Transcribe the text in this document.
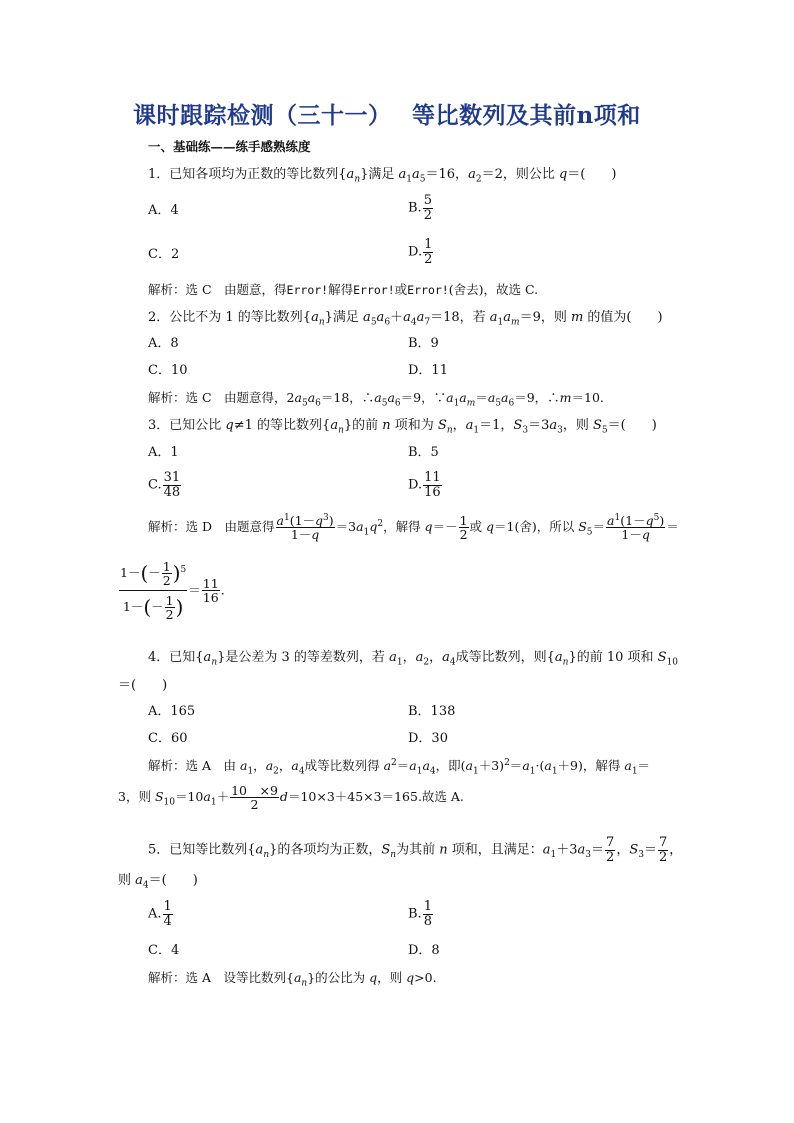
课时跟踪检测（三十一）　 等比数列及其前n项和
一、基础练——练手感熟练度
1．已知各项均为正数的等比数列$\{a_n\}$满足 $a_1a_5=16$，$a_2=2$，则公比 q＝(　　)
A．4	B. $\frac{5}{2}$
C．2	D. $\frac{1}{2}$
解析：选 C　由题意，得Error!解得Error!或Error!(舍去)，故选 C.
2．公比不为 1 的等比数列$\{a_n\}$满足 $a_5a_6+a_4a_7=18$，若 $a_1a_m=9$，则 m 的值为(　　)
A．8	B．9
C．10	D．11
解析：选 C　由题意得，$2a_5a_6=18$，$\therefore a_5a_6=9$，$\because a_1a_m=a_5a_6=9$，∴m＝10.
3．已知公比 q≠1 的等比数列$\{a_n\}$的前 n 项和为 $S_n$，$a_1=1$，$S_3=3a_3$，则 $S_5=$(　　)
A．1	B．5
C. $\frac{31}{48}$	D. $\frac{11}{16}$
解析：选 D　由题意得 $\frac{a^1(1-q^3)}{1-q} =3a_1q^2$，解得 $q=- \frac{1}{2}$ 或 q＝1(舍)，所以 $S_5= \frac{a^1(1-q^5)}{1-q}$ ＝
$\frac{1-(- \frac{1}{2} )^5}{1-(- \frac{1}{2} )} = \frac{11}{16}$ .
4．已知$\{a_n\}$是公差为 3 的等差数列，若 $a_1$，$a_2$，$a_4$成等比数列，则$\{a_n\}$的前 10 项和 $S_{10}$
＝(　　)
A．165	B．138
C．60	D．30
解析：选 A　由 $a_1$，$a_2$，$a_4$成等比数列得 $a^2=a_1a_4$，即$(a_1+3)^2=a_1\cdot(a_1+9)$，解得 $a_1=$
3，则 $S_{10}=10a_1+ \frac{10 \times 9}{2} d=10\times 3+45\times 3=165$.故选 A.
5．已知等比数列$\{a_n\}$的各项均为正数，$S_n$为其前 n 项和，且满足：$a_1+3a_3= \frac{7}{2}$ ，$S_3= \frac{7}{2}$ ，
则 $a_4=$(　　)
A. $\frac{1}{4}$	B. $\frac{1}{8}$
C．4	D．8
解析：选 A　设等比数列$\{a_n\}$的公比为 q，则 q>0.
